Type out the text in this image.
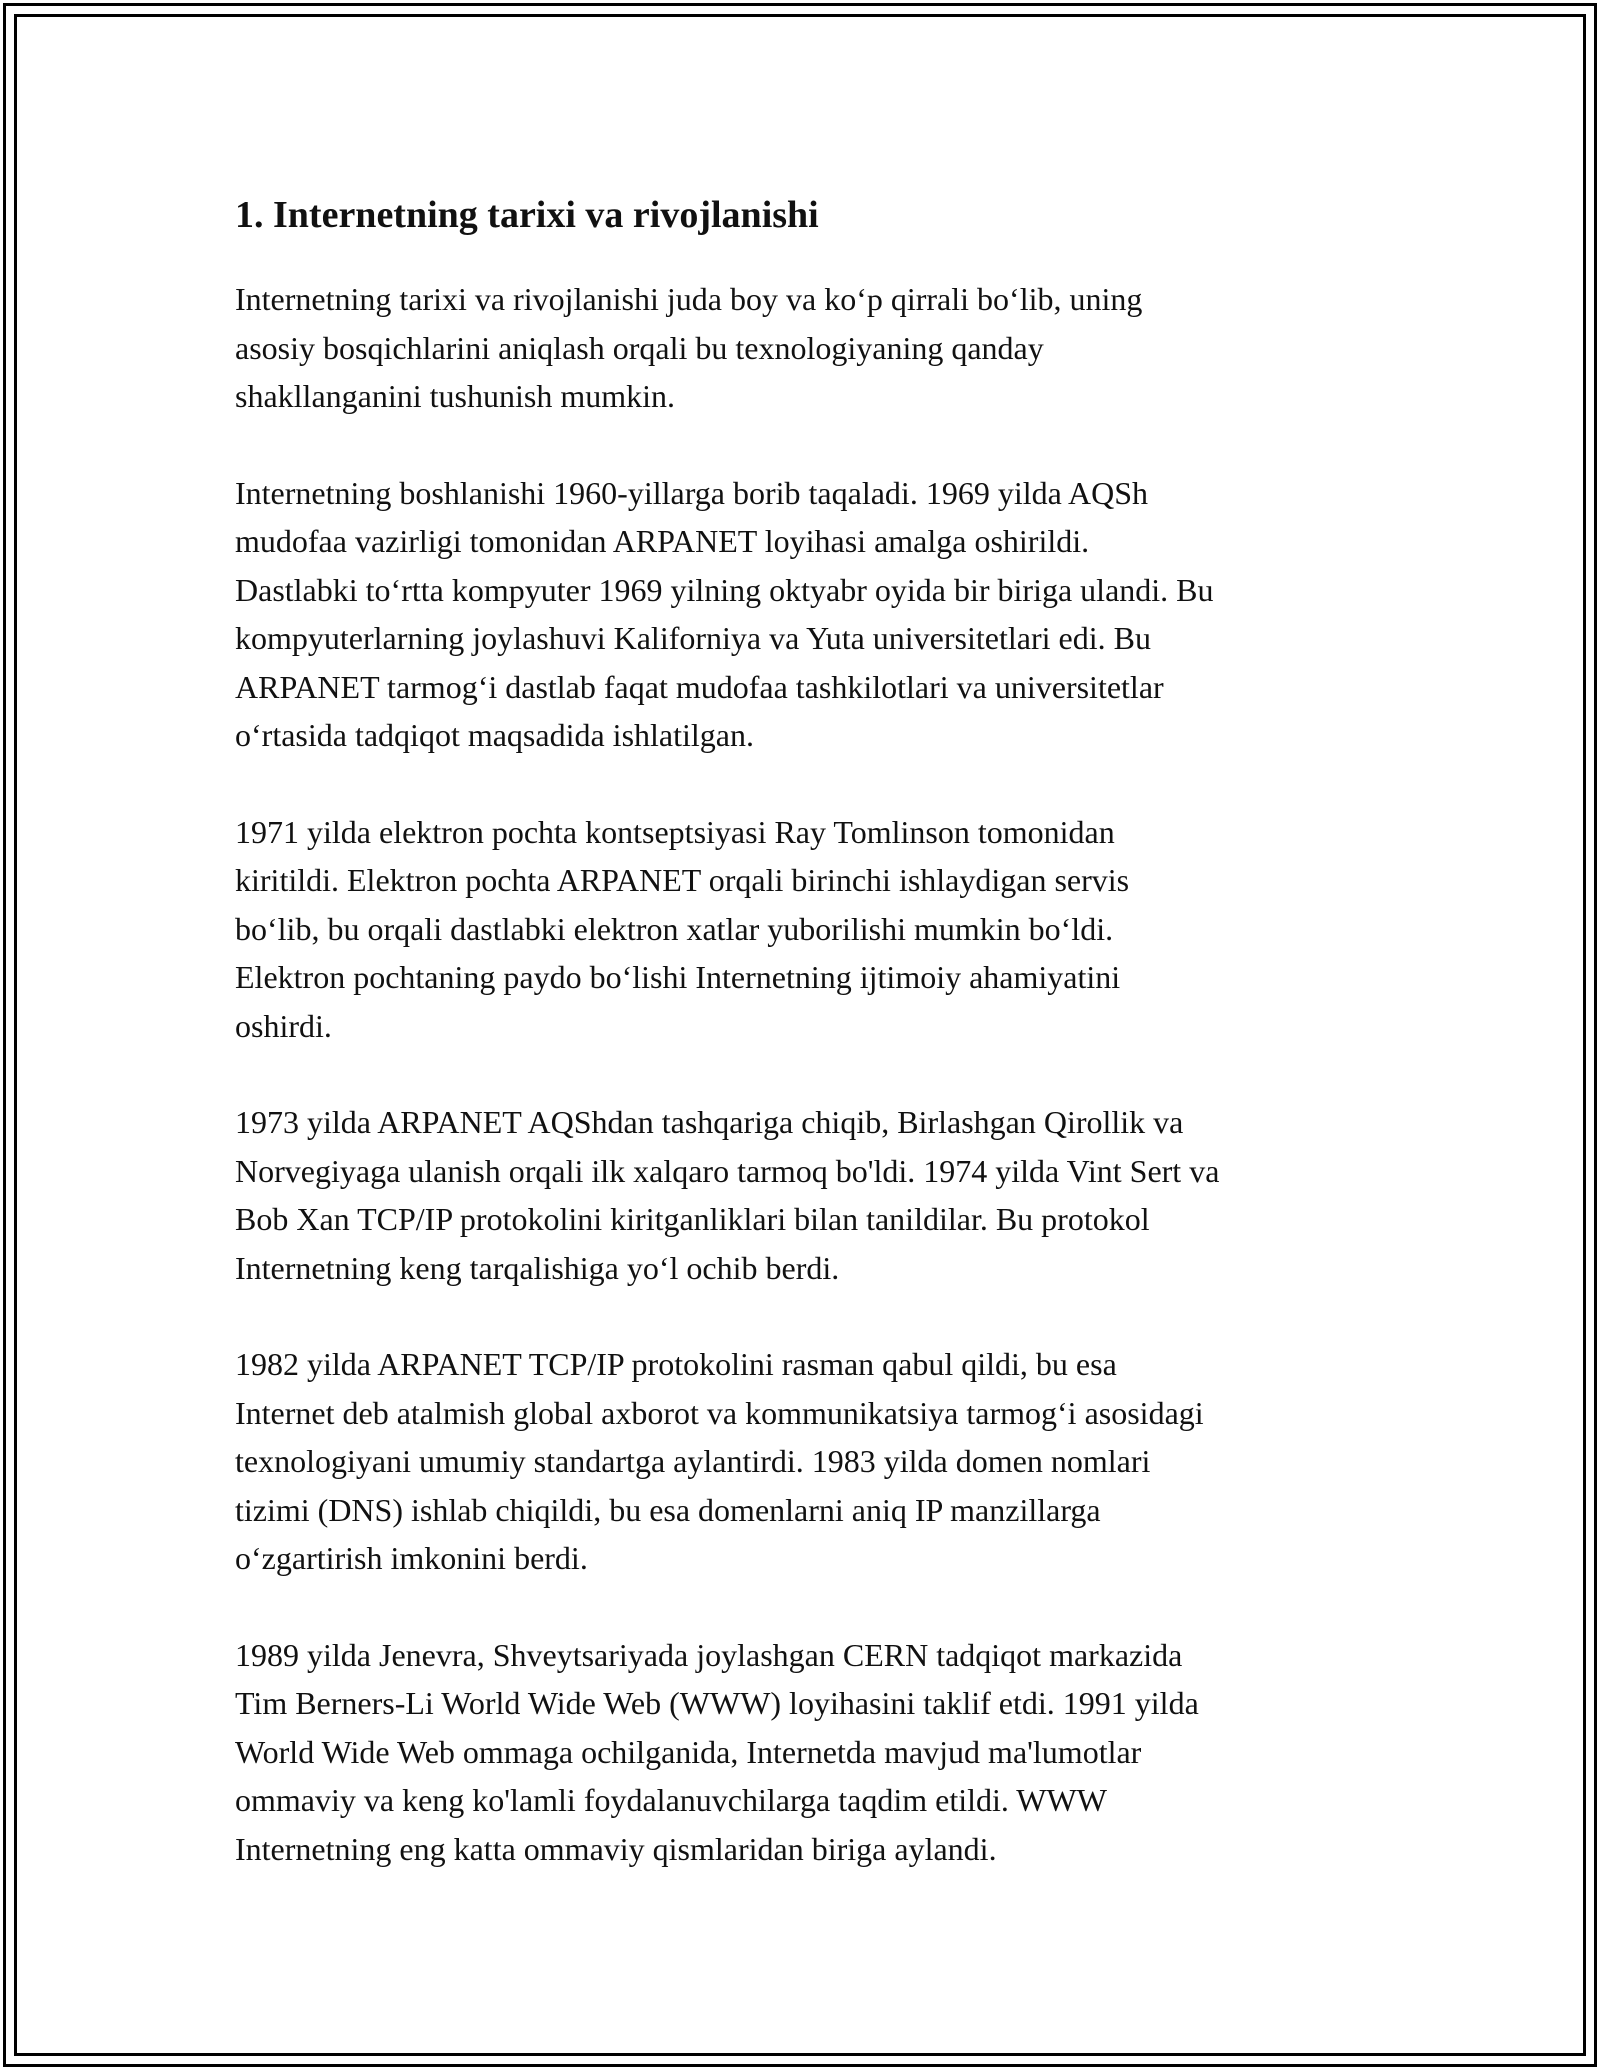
1. Internetning tarixi va rivojlanishi

Internetning tarixi va rivojlanishi juda boy va koʻp qirrali boʻlib, uning
asosiy bosqichlarini aniqlash orqali bu texnologiyaning qanday
shakllanganini tushunish mumkin.

Internetning boshlanishi 1960-yillarga borib taqaladi. 1969 yilda AQSh
mudofaa vazirligi tomonidan ARPANET loyihasi amalga oshirildi.
Dastlabki toʻrtta kompyuter 1969 yilning oktyabr oyida bir biriga ulandi. Bu
kompyuterlarning joylashuvi Kaliforniya va Yuta universitetlari edi. Bu
ARPANET tarmogʻi dastlab faqat mudofaa tashkilotlari va universitetlar
oʻrtasida tadqiqot maqsadida ishlatilgan.

1971 yilda elektron pochta kontseptsiyasi Ray Tomlinson tomonidan
kiritildi. Elektron pochta ARPANET orqali birinchi ishlaydigan servis
boʻlib, bu orqali dastlabki elektron xatlar yuborilishi mumkin boʻldi.
Elektron pochtaning paydo boʻlishi Internetning ijtimoiy ahamiyatini
oshirdi.

1973 yilda ARPANET AQShdan tashqariga chiqib, Birlashgan Qirollik va
Norvegiyaga ulanish orqali ilk xalqaro tarmoq bo'ldi. 1974 yilda Vint Sert va
Bob Xan TCP/IP protokolini kiritganliklari bilan tanildilar. Bu protokol
Internetning keng tarqalishiga yoʻl ochib berdi.

1982 yilda ARPANET TCP/IP protokolini rasman qabul qildi, bu esa
Internet deb atalmish global axborot va kommunikatsiya tarmogʻi asosidagi
texnologiyani umumiy standartga aylantirdi. 1983 yilda domen nomlari
tizimi (DNS) ishlab chiqildi, bu esa domenlarni aniq IP manzillarga
oʻzgartirish imkonini berdi.

1989 yilda Jenevra, Shveytsariyada joylashgan CERN tadqiqot markazida
Tim Berners-Li World Wide Web (WWW) loyihasini taklif etdi. 1991 yilda
World Wide Web ommaga ochilganida, Internetda mavjud ma'lumotlar
ommaviy va keng ko'lamli foydalanuvchilarga taqdim etildi. WWW
Internetning eng katta ommaviy qismlaridan biriga aylandi.
